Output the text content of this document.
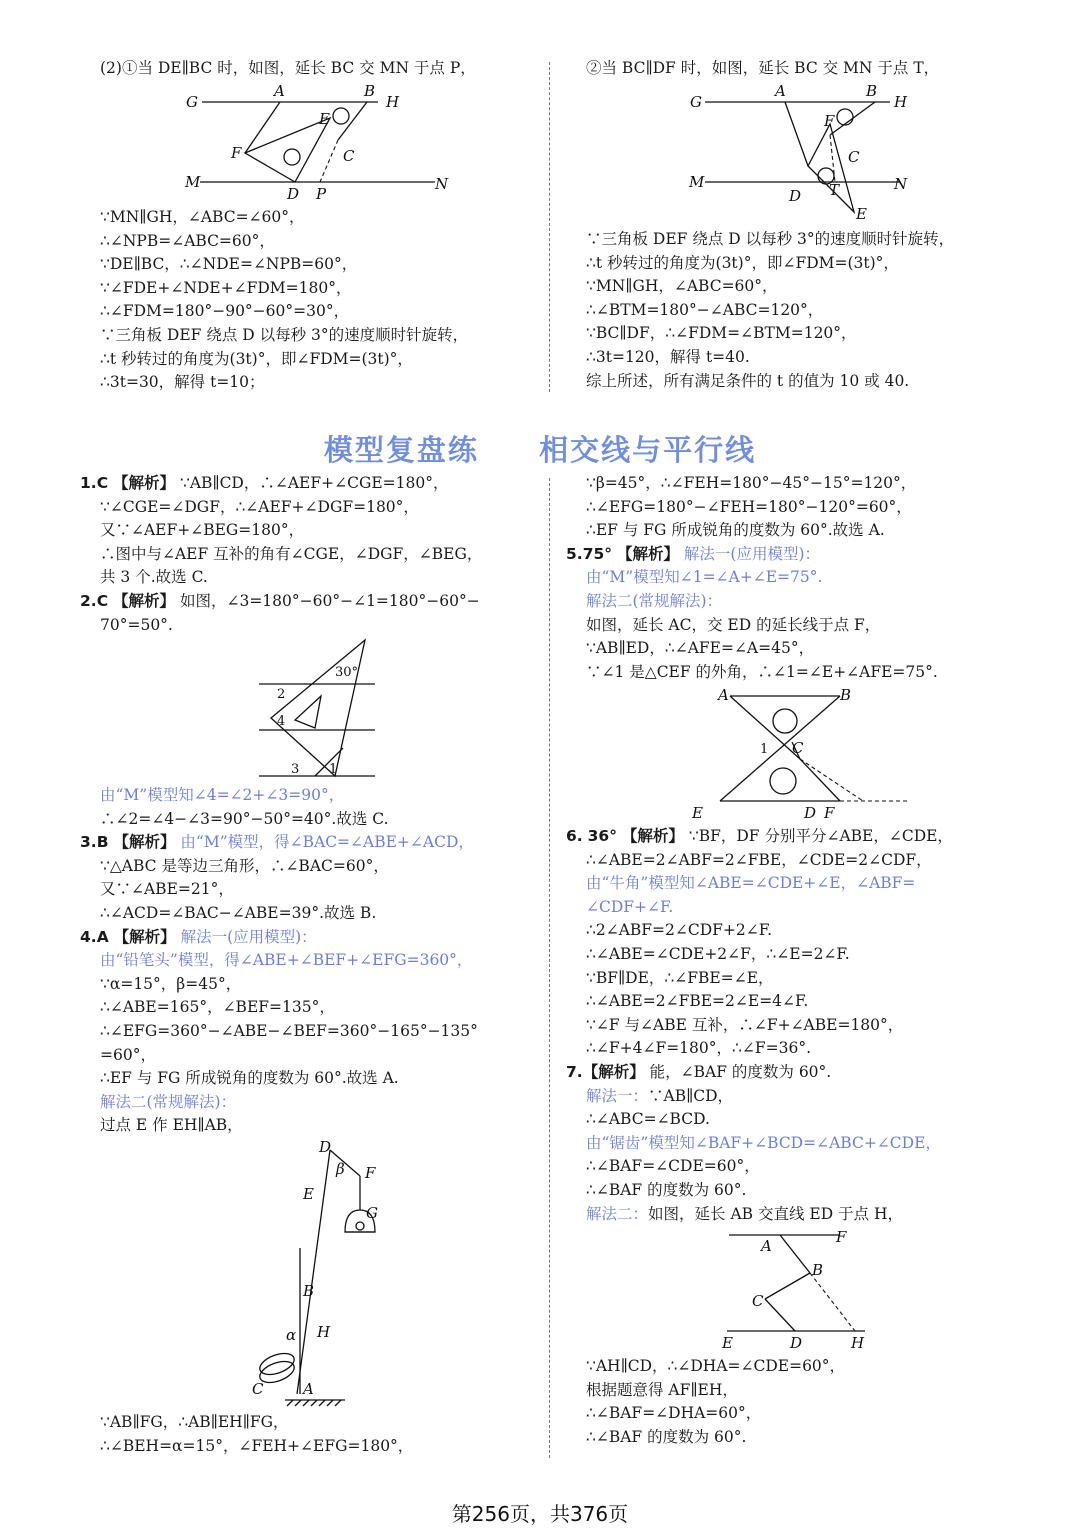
(2)①当 DE∥BC 时，如图，延长 BC 交 MN 于点 P，

G
A	B
H
E
F	C
M
D P
N

∵MN∥GH，∠ABC=∠60°，

∴∠NPB=∠ABC=60°，

∵DE∥BC，∴∠NDE=∠NPB=60°，

∵∠FDE+∠NDE+∠FDM=180°，

∴∠FDM=180°−90°−60°=30°，

∵三角板 DEF 绕点 D 以每秒 3°的速度顺时针旋转，

∴t 秒转过的角度为(3t)°，即∠FDM=(3t)°，

∴3t=30，解得 t=10；

②当 BC∥DF 时，如图，延长 BC 交 MN 于点 T，

G
A	B
H
F
C
M
D T	N
E

∵三角板 DEF 绕点 D 以每秒 3°的速度顺时针旋转，

∴t 秒转过的角度为(3t)°，即∠FDM=(3t)°，

∵MN∥GH，∠ABC=60°，

∴∠BTM=180°−∠ABC=120°，

∵BC∥DF，∴∠FDM=∠BTM=120°，

∴3t=120，解得 t=40.

综上所述，所有满足条件的 t 的值为 10 或 40.

模型复盘练 相交线与平行线

1.C 【解析】 ∵AB∥CD，∴∠AEF+∠CGE=180°，

∵∠CGE=∠DGF，∴∠AEF+∠DGF=180°，

又∵∠AEF+∠BEG=180°，

∴图中与∠AEF 互补的角有∠CGE，∠DGF，∠BEG，

共 3 个.故选 C.

2.C 【解析】 如图，∠3=180°−60°−∠1=180°−60°−

70°=50°.

30°
2
4
3 1

由“M”模型知∠4=∠2+∠3=90°，

∴∠2=∠4−∠3=90°−50°=40°.故选 C.

3.B 【解析】 由“M”模型，得∠BAC=∠ABE+∠ACD，

∵△ABC 是等边三角形，∴∠BAC=60°，

又∵∠ABE=21°，

∴∠ACD=∠BAC−∠ABE=39°.故选 B.

4.A 【解析】 解法一(应用模型)：

由“铅笔头”模型，得∠ABE+∠BEF+∠EFG=360°，

∵α=15°，β=45°，

∴∠ABE=165°，∠BEF=135°，

∴∠EFG=360°−∠ABE−∠BEF=360°−165°−135°

=60°，

∴EF 与 FG 所成锐角的度数为 60°.故选 A.

解法二(常规解法)：

过点 E 作 EH∥AB，

D
β F
E
G
B
α H
C	A

∵AB∥FG，∴AB∥EH∥FG，

∴∠BEH=α=15°，∠FEH+∠EFG=180°，

∵β=45°，∴∠FEH=180°−45°−15°=120°，

∴∠EFG=180°−∠FEH=180°−120°=60°，

∴EF 与 FG 所成锐角的度数为 60°.故选 A.

5.75° 【解析】 解法一(应用模型)：

由“M”模型知∠1=∠A+∠E=75°.

解法二(常规解法)：

如图，延长 AC，交 ED 的延长线于点 F，

∵AB∥ED，∴∠AFE=∠A=45°，

∵∠1 是△CEF 的外角，∴∠1=∠E+∠AFE=75°.

A	B
1 C
E	D F

6. 36° 【解析】 ∵BF，DF 分别平分∠ABE，∠CDE，

∴∠ABE=2∠ABF=2∠FBE，∠CDE=2∠CDF，

由“牛角”模型知∠ABE=∠CDE+∠E，∠ABF=

∠CDF+∠F.

∴2∠ABF=2∠CDF+2∠F.

∴∠ABE=∠CDE+2∠F，∴∠E=2∠F.

∵BF∥DE，∴∠FBE=∠E，

∴∠ABE=2∠FBE=2∠E=4∠F.

∵∠F 与∠ABE 互补，∴∠F+∠ABE=180°，

∴∠F+4∠F=180°，∴∠F=36°.

7.【解析】 能，∠BAF 的度数为 60°.

解法一：∵AB∥CD，

∴∠ABC=∠BCD.

由“锯齿”模型知∠BAF+∠BCD=∠ABC+∠CDE，

∴∠BAF=∠CDE=60°，

∴∠BAF 的度数为 60°.

解法二：如图，延长 AB 交直线 ED 于点 H，

A	F
B
C
E	D	H

∵AH∥CD，∴∠DHA=∠CDE=60°，

根据题意得 AF∥EH，

∴∠BAF=∠DHA=60°，

∴∠BAF 的度数为 60°.

第256页，共376页
